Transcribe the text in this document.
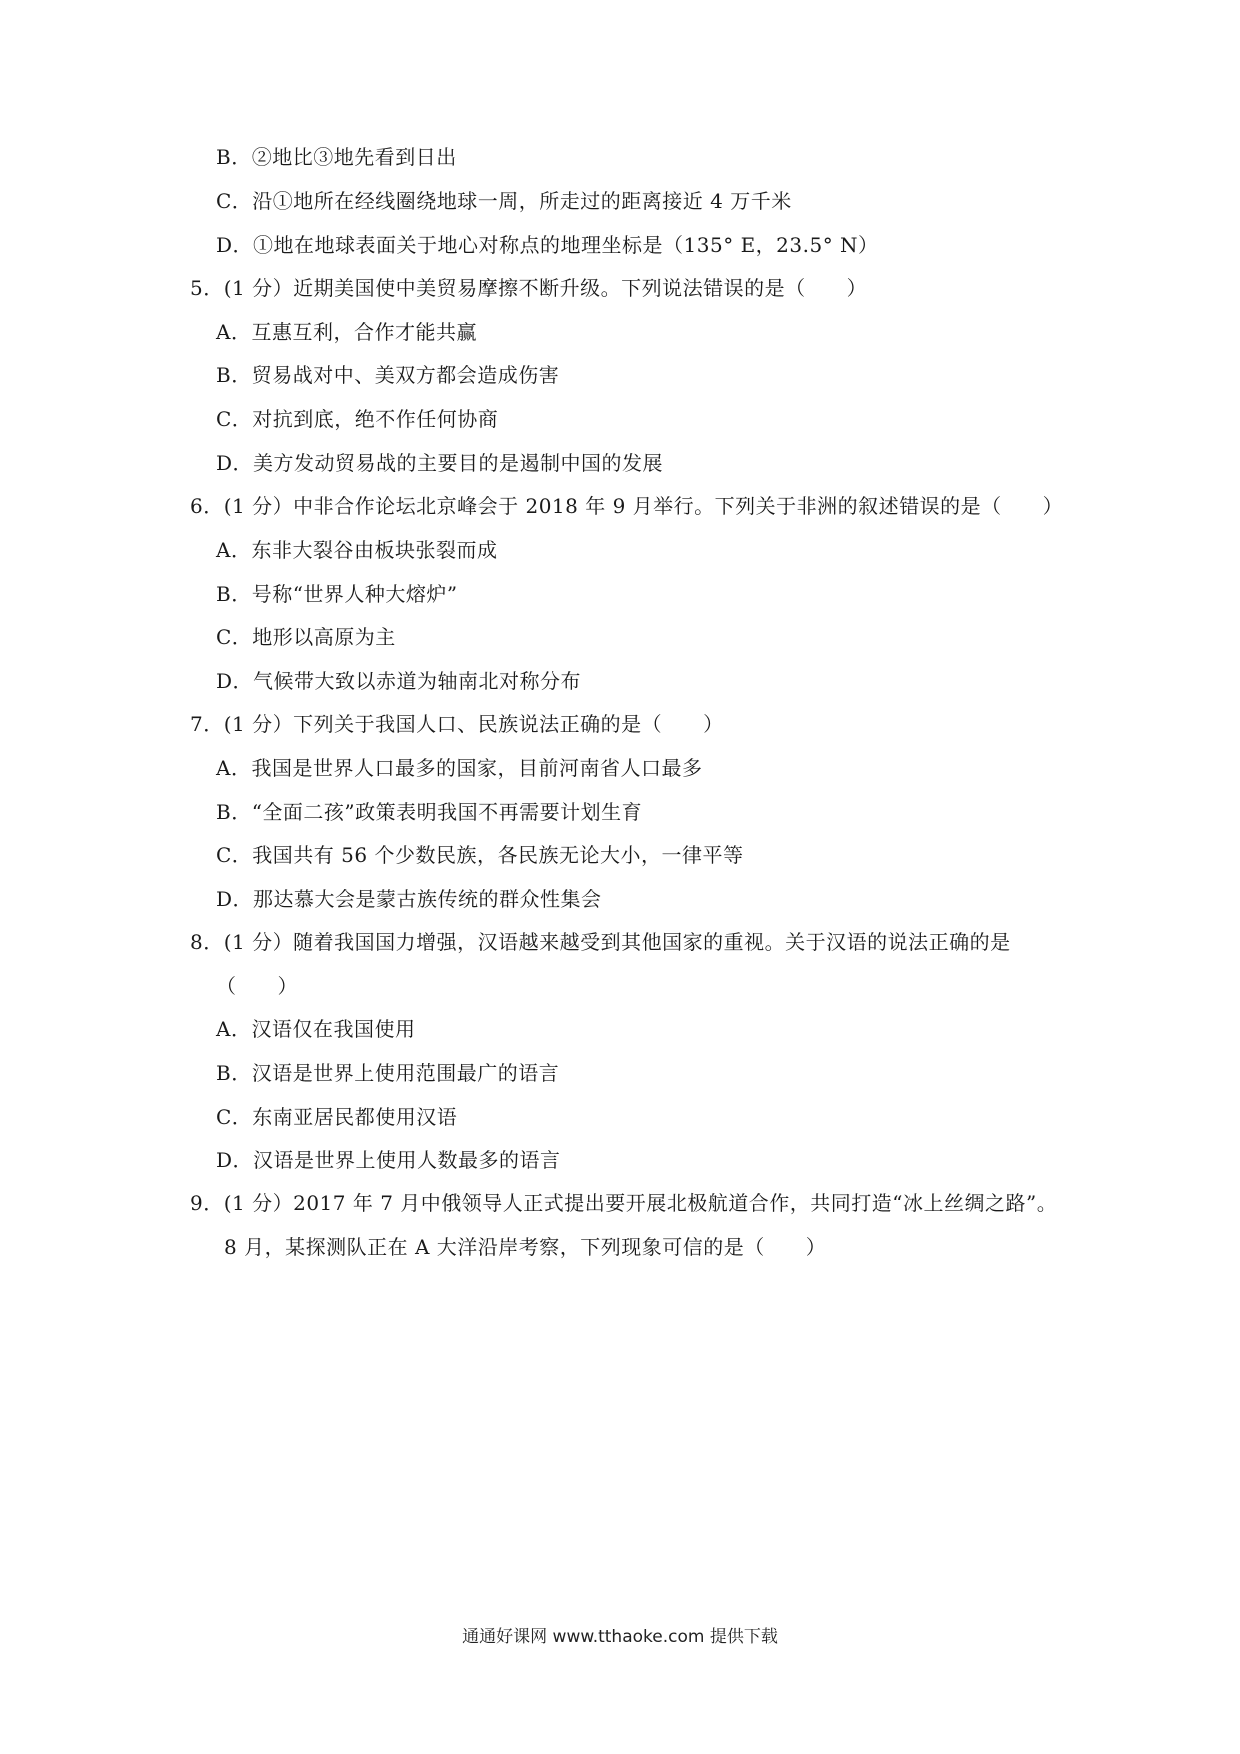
B．②地比③地先看到日出
C．沿①地所在经线圈绕地球一周，所走过的距离接近 4 万千米
D．①地在地球表面关于地心对称点的地理坐标是（135° E，23.5° N）
5．(1 分）近期美国使中美贸易摩擦不断升级。下列说法错误的是（　　）
A．互惠互利，合作才能共赢
B．贸易战对中、美双方都会造成伤害
C．对抗到底，绝不作任何协商
D．美方发动贸易战的主要目的是遏制中国的发展
6．(1 分）中非合作论坛北京峰会于 2018 年 9 月举行。下列关于非洲的叙述错误的是（　　）
A．东非大裂谷由板块张裂而成
B．号称“世界人种大熔炉”
C．地形以高原为主
D．气候带大致以赤道为轴南北对称分布
7．(1 分）下列关于我国人口、民族说法正确的是（　　）
A．我国是世界人口最多的国家，目前河南省人口最多
B．“全面二孩”政策表明我国不再需要计划生育
C．我国共有 56 个少数民族，各民族无论大小，一律平等
D．那达慕大会是蒙古族传统的群众性集会
8．(1 分）随着我国国力增强，汉语越来越受到其他国家的重视。关于汉语的说法正确的是
（　　）
A．汉语仅在我国使用
B．汉语是世界上使用范围最广的语言
C．东南亚居民都使用汉语
D．汉语是世界上使用人数最多的语言
9．(1 分）2017 年 7 月中俄领导人正式提出要开展北极航道合作，共同打造“冰上丝绸之路”。
8 月，某探测队正在 A 大洋沿岸考察，下列现象可信的是（　　）
通通好课网 www.tthaoke.com 提供下载
